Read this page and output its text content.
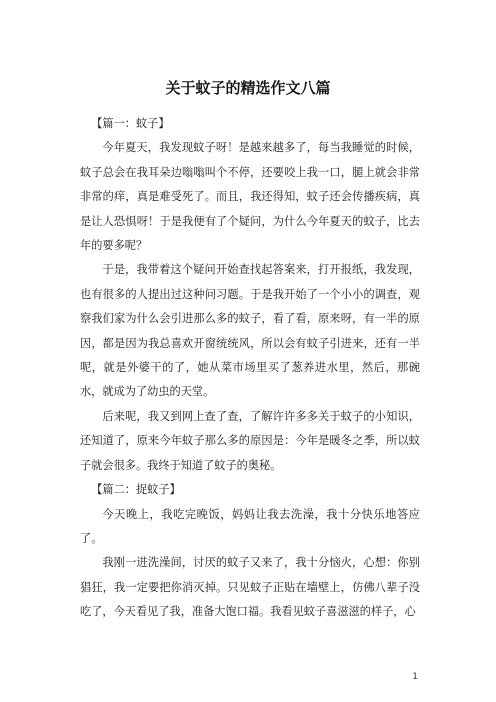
关于蚊子的精选作文八篇

【篇一：蚊子】

今年夏天，我发现蚊子呀！是越来越多了，每当我睡觉的时候，蚊子总会在我耳朵边嗡嗡叫个不停，还要咬上我一口，腿上就会非常非常的痒，真是难受死了。而且，我还得知，蚊子还会传播疾病，真是让人恐惧呀！于是我便有了个疑问，为什么今年夏天的蚊子，比去年的要多呢？

于是，我带着这个疑问开始查找起答案来，打开报纸，我发现，也有很多的人提出过这种问习题。于是我开始了一个小小的调查，观察我们家为什么会引进那么多的蚊子，看了看，原来呀，有一半的原因，都是因为我总喜欢开窗统统风，所以会有蚊子引进来，还有一半呢，就是外婆干的了，她从菜市场里买了葱养进水里，然后，那碗水，就成为了幼虫的天堂。

后来呢，我又到网上查了查，了解许许多多关于蚊子的小知识，还知道了，原来今年蚊子那么多的原因是：今年是暖冬之季，所以蚊子就会很多。我终于知道了蚊子的奥秘。

【篇二：捉蚊子】

今天晚上，我吃完晚饭，妈妈让我去洗澡，我十分快乐地答应了。

我刚一进洗澡间，讨厌的蚊子又来了，我十分恼火，心想：你别猖狂，我一定要把你消灭掉。只见蚊子正贴在墙壁上，仿佛八辈子没吃了，今天看见了我，准备大饱口福。我看见蚊子喜滋滋的样子，心

1
